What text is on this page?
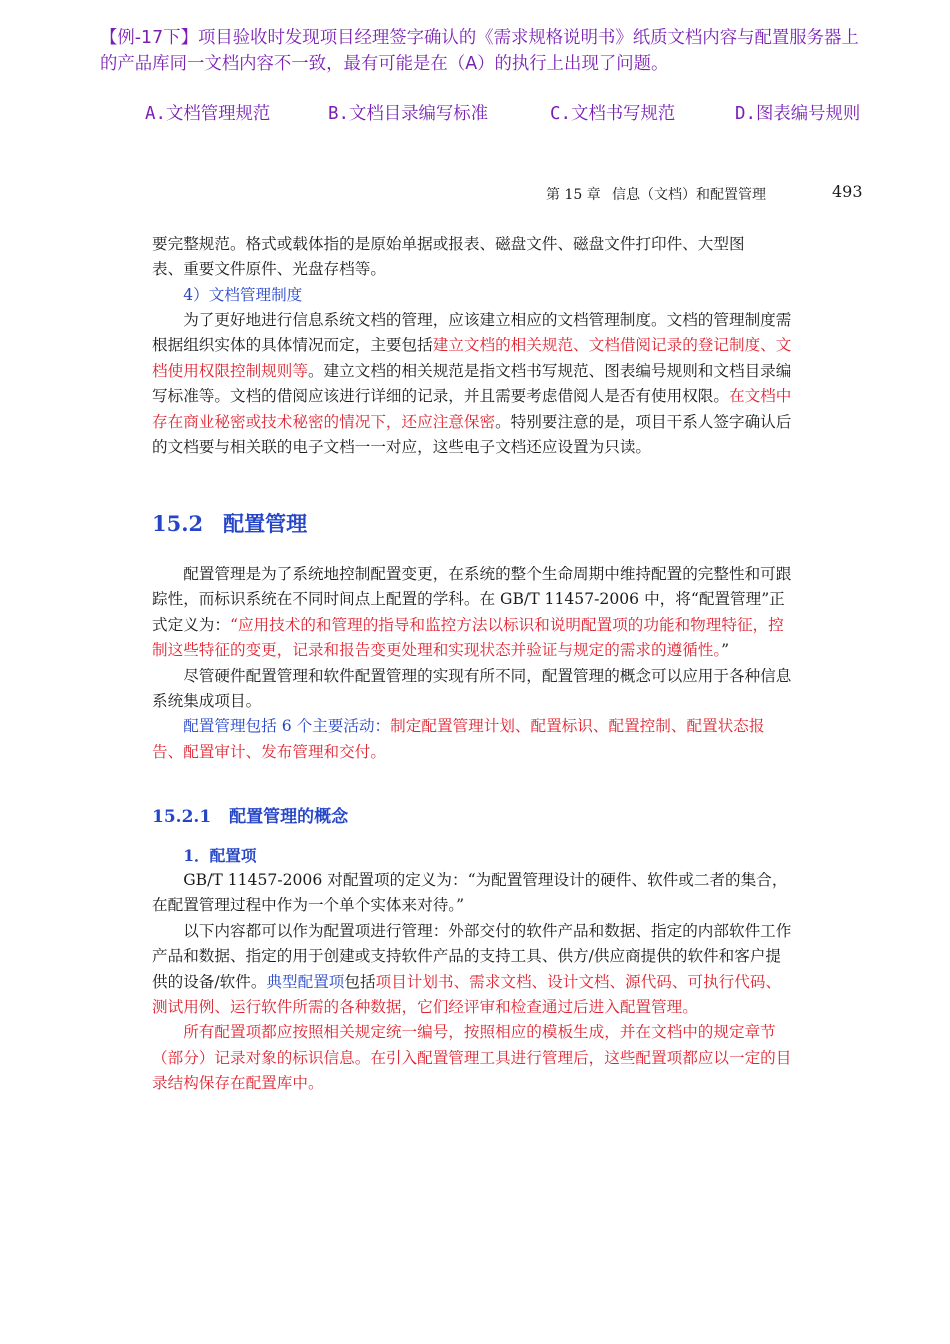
【例-17下】项目验收时发现项目经理签字确认的《需求规格说明书》纸质文档内容与配置服务器上
的产品库同一文档内容不一致，最有可能是在（A）的执行上出现了问题。
A.文档管理规范	B.文档目录编写标准	C.文档书写规范	D.图表编号规则
第 15 章 信息（文档）和配置管理	493

要完整规范。格式或载体指的是原始单据或报表、磁盘文件、磁盘文件打印件、大型图

表、重要文件原件、光盘存档等。

4）文档管理制度

为了更好地进行信息系统文档的管理，应该建立相应的文档管理制度。文档的管理制度需根据组织实体的具体情况而定，主要包括建立文档的相关规范、文档借阅记录的登记制度、文档使用权限控制规则等。建立文档的相关规范是指文档书写规范、图表编号规则和文档目录编写标准等。文档的借阅应该进行详细的记录，并且需要考虑借阅人是否有使用权限。在文档中存在商业秘密或技术秘密的情况下，还应注意保密。特别要注意的是，项目干系人签字确认后的文档要与相关联的电子文档一一对应，这些电子文档还应设置为只读。

15.2 配置管理

配置管理是为了系统地控制配置变更，在系统的整个生命周期中维持配置的完整性和可跟踪性，而标识系统在不同时间点上配置的学科。在 GB/T 11457-2006 中，将“配置管理”正式定义为：“应用技术的和管理的指导和监控方法以标识和说明配置项的功能和物理特征，控制这些特征的变更，记录和报告变更处理和实现状态并验证与规定的需求的遵循性。”

尽管硬件配置管理和软件配置管理的实现有所不同，配置管理的概念可以应用于各种信息系统集成项目。

配置管理包括 6 个主要活动：制定配置管理计划、配置标识、配置控制、配置状态报告、配置审计、发布管理和交付。

15.2.1 配置管理的概念
1．配置项

GB/T 11457-2006 对配置项的定义为：“为配置管理设计的硬件、软件或二者的集合，在配置管理过程中作为一个单个实体来对待。”

以下内容都可以作为配置项进行管理：外部交付的软件产品和数据、指定的内部软件工作产品和数据、指定的用于创建或支持软件产品的支持工具、供方/供应商提供的软件和客户提供的设备/软件。典型配置项包括项目计划书、需求文档、设计文档、源代码、可执行代码、测试用例、运行软件所需的各种数据，它们经评审和检查通过后进入配置管理。

所有配置项都应按照相关规定统一编号，按照相应的模板生成，并在文档中的规定章节（部分）记录对象的标识信息。在引入配置管理工具进行管理后，这些配置项都应以一定的目录结构保存在配置库中。
